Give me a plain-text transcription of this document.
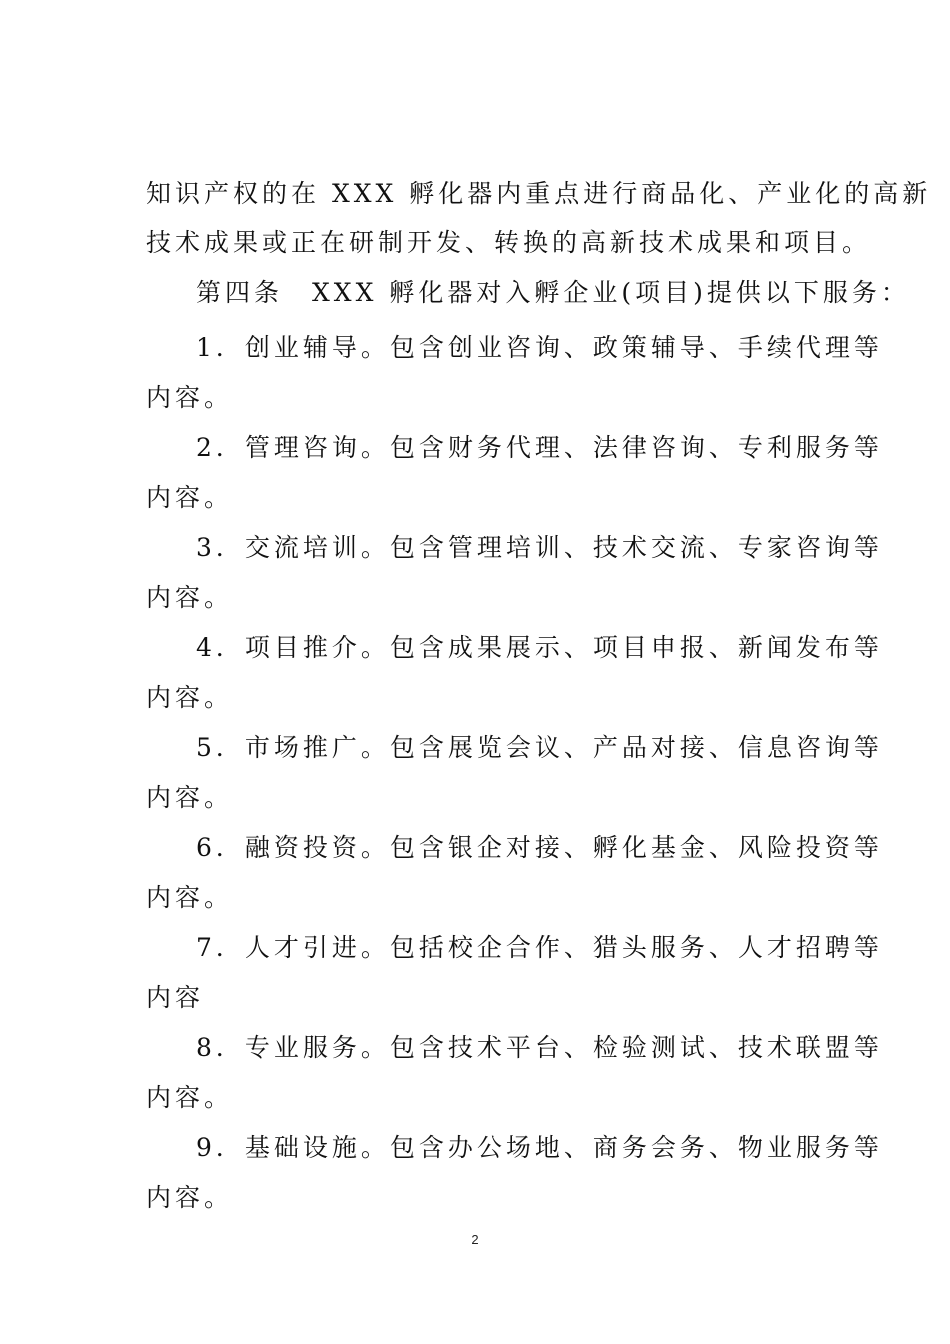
知识产权的在 XXX 孵化器内重点进行商品化、产业化的高新
技术成果或正在研制开发、转换的高新技术成果和项目。
第四条　XXX 孵化器对入孵企业(项目)提供以下服务：
1．创业辅导。包含创业咨询、政策辅导、手续代理等
内容。
2．管理咨询。包含财务代理、法律咨询、专利服务等
内容。
3．交流培训。包含管理培训、技术交流、专家咨询等
内容。
4．项目推介。包含成果展示、项目申报、新闻发布等
内容。
5．市场推广。包含展览会议、产品对接、信息咨询等
内容。
6．融资投资。包含银企对接、孵化基金、风险投资等
内容。
7．人才引进。包括校企合作、猎头服务、人才招聘等
内容
8．专业服务。包含技术平台、检验测试、技术联盟等
内容。
9．基础设施。包含办公场地、商务会务、物业服务等
内容。
2
